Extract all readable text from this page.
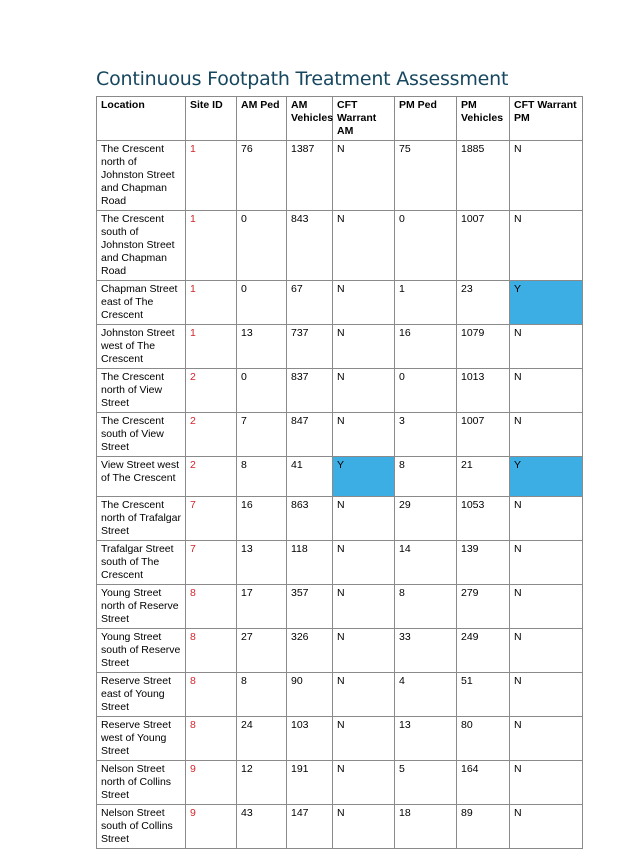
Continuous Footpath Treatment Assessment
Location	Site ID	AM Ped	AM Vehicles	CFT Warrant AM	PM Ped	PM Vehicles	CFT Warrant PM
The Crescent north of Johnston Street and Chapman Road	1	76	1387	N	75	1885	N
The Crescent south of Johnston Street and Chapman Road	1	0	843	N	0	1007	N
Chapman Street east of The Crescent	1	0	67	N	1	23	Y
Johnston Street west of The Crescent	1	13	737	N	16	1079	N
The Crescent north of View Street	2	0	837	N	0	1013	N
The Crescent south of View Street	2	7	847	N	3	1007	N
View Street west of The Crescent	2	8	41	Y	8	21	Y
The Crescent north of Trafalgar Street	7	16	863	N	29	1053	N
Trafalgar Street south of The Crescent	7	13	118	N	14	139	N
Young Street north of Reserve Street	8	17	357	N	8	279	N
Young Street south of Reserve Street	8	27	326	N	33	249	N
Reserve Street east of Young Street	8	8	90	N	4	51	N
Reserve Street west of Young Street	8	24	103	N	13	80	N
Nelson Street north of Collins Street	9	12	191	N	5	164	N
Nelson Street south of Collins Street	9	43	147	N	18	89	N
